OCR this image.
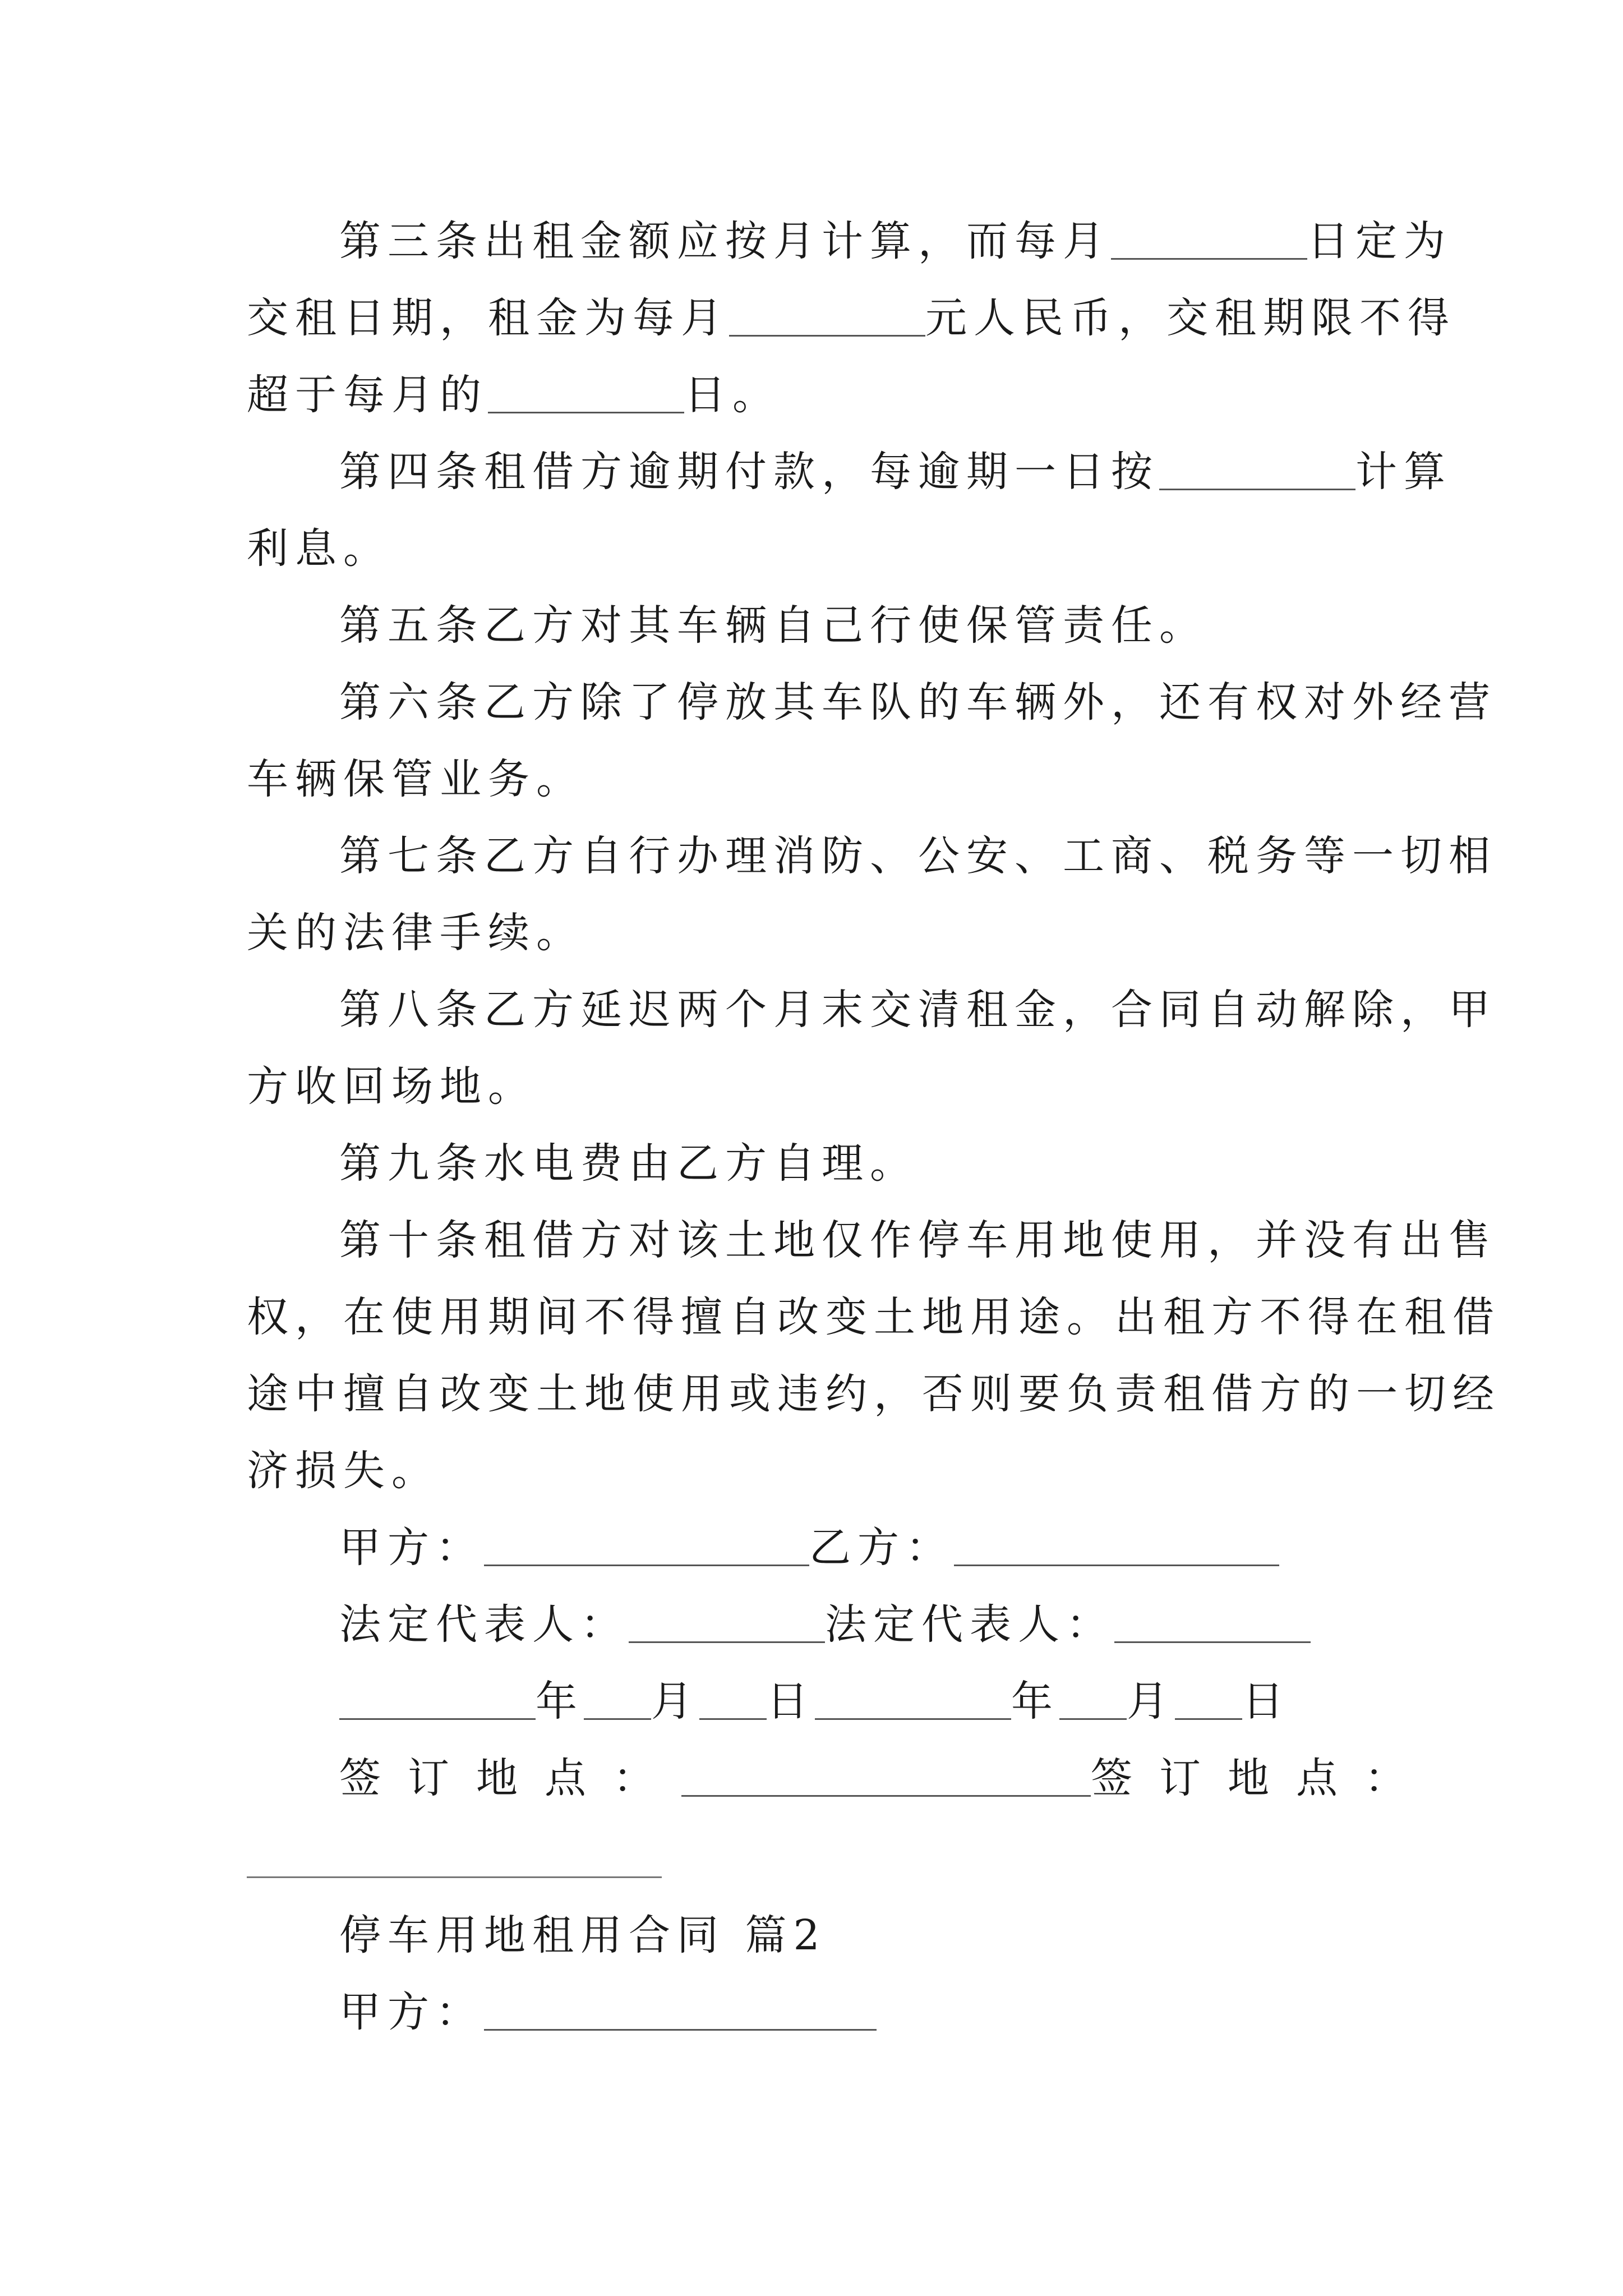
第三条出租金额应按月计算，而每月	日定为
交租日期，租金为每月	元人民币，交租期限不得
超于每月的	日。
第四条租借方逾期付款，每逾期一日按	计算
利息。
第五条乙方对其车辆自己行使保管责任。
第六条乙方除了停放其车队的车辆外，还有权对外经营
车辆保管业务。
第七条乙方自行办理消防、公安、工商、税务等一切相
关的法律手续。
第八条乙方延迟两个月末交清租金，合同自动解除，甲
方收回场地。
第九条水电费由乙方自理。
第十条租借方对该土地仅作停车用地使用，并没有出售
权，在使用期间不得擅自改变土地用途。出租方不得在租借
途中擅自改变土地使用或违约，否则要负责租借方的一切经
济损失。
甲方：	乙方：
法定代表人：	法定代表人：
年 月 日	年 月 日
签订地点：	签订地点：
停车用地租用合同 篇2
甲方：
